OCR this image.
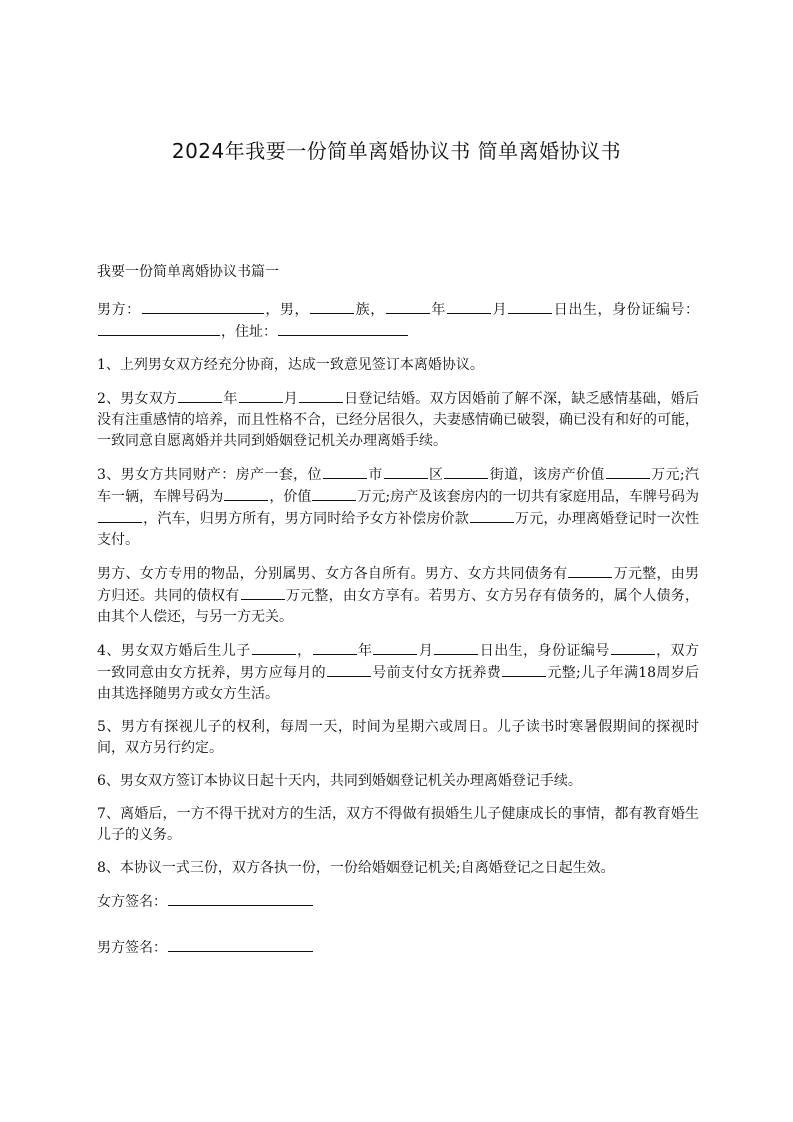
2024年我要一份简单离婚协议书 简单离婚协议书

我要一份简单离婚协议书篇一

男方：	，男，	族，	年	月	日出生，身份证编号：，住址：

1、上列男女双方经充分协商，达成一致意见签订本离婚协议。

2、男女双方	年	月	日登记结婚。双方因婚前了解不深，缺乏感情基础，婚后没有注重感情的培养，而且性格不合，已经分居很久，夫妻感情确已破裂，确已没有和好的可能，一致同意自愿离婚并共同到婚姻登记机关办理离婚手续。

3、男女方共同财产：房产一套，位	市	区	街道，该房产价值	万元;汽车一辆，车牌号码为	，价值	万元;房产及该套房内的一切共有家庭用品，车牌号码为，汽车，归男方所有，男方同时给予女方补偿房价款	万元，办理离婚登记时一次性支付。

男方、女方专用的物品，分别属男、女方各自所有。男方、女方共同债务有	万元整，由男方归还。共同的债权有	万元整，由女方享有。若男方、女方另存有债务的，属个人债务，由其个人偿还，与另一方无关。

4、男女双方婚后生儿子	，	年	月	日出生，身份证编号	，双方一致同意由女方抚养，男方应每月的	号前支付女方抚养费	元整;儿子年满18周岁后由其选择随男方或女方生活。

5、男方有探视儿子的权利，每周一天，时间为星期六或周日。儿子读书时寒暑假期间的探视时间，双方另行约定。

6、男女双方签订本协议日起十天内，共同到婚姻登记机关办理离婚登记手续。

7、离婚后，一方不得干扰对方的生活，双方不得做有损婚生儿子健康成长的事情，都有教育婚生儿子的义务。

8、本协议一式三份，双方各执一份，一份给婚姻登记机关;自离婚登记之日起生效。

女方签名：

男方签名：
